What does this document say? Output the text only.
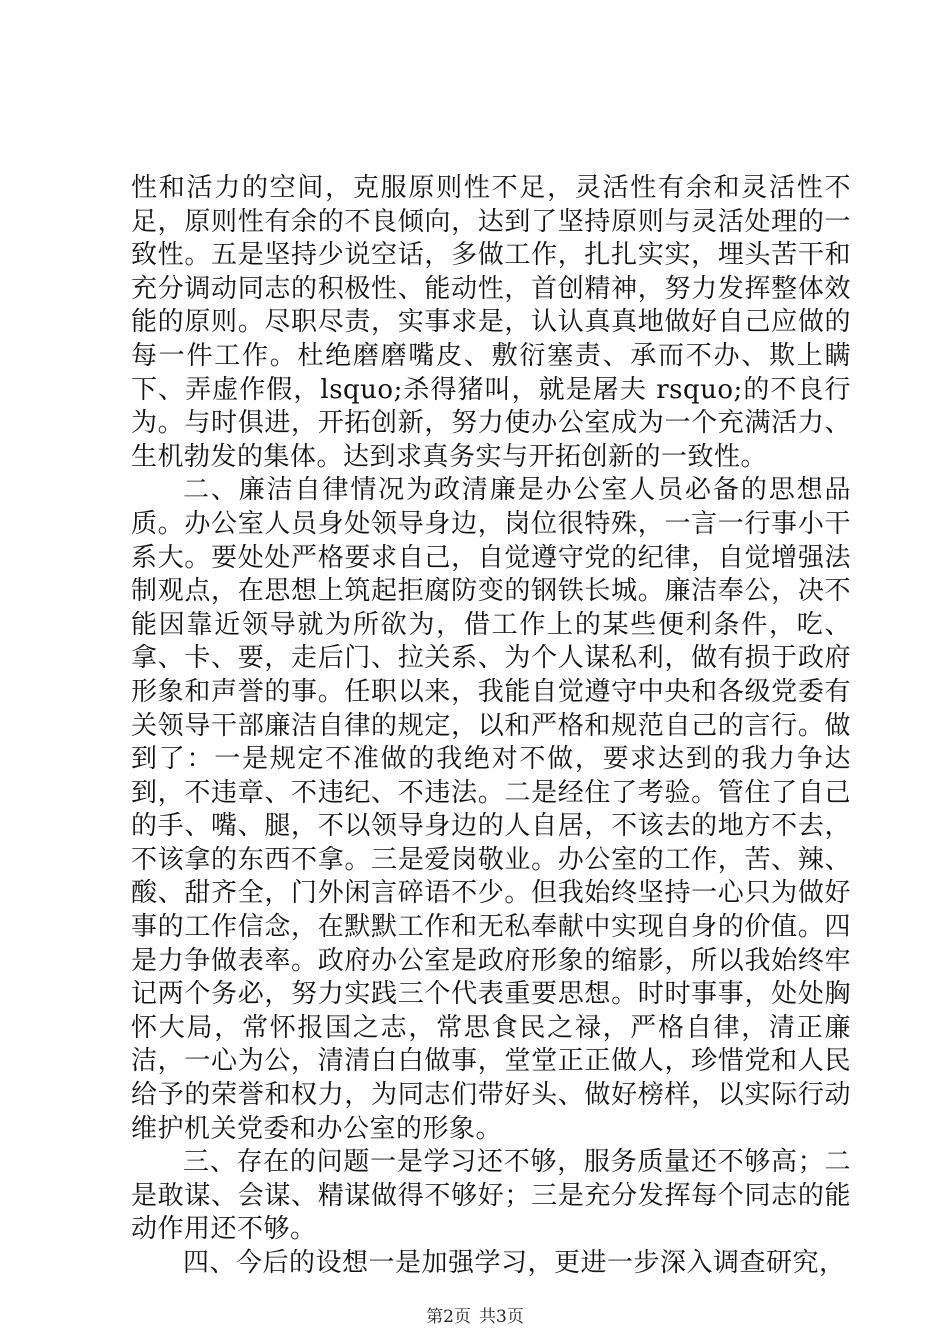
性和活力的空间，克服原则性不足，灵活性有余和灵活性不足，原则性有余的不良倾向，达到了坚持原则与灵活处理的一致性。五是坚持少说空话，多做工作，扎扎实实，埋头苦干和充分调动同志的积极性、能动性，首创精神，努力发挥整体效能的原则。尽职尽责，实事求是，认认真真地做好自己应做的每一件工作。杜绝磨磨嘴皮、敷衍塞责、承而不办、欺上瞒下、弄虚作假，lsquo;杀得猪叫，就是屠夫 rsquo;的不良行为。与时俱进，开拓创新，努力使办公室成为一个充满活力、生机勃发的集体。达到求真务实与开拓创新的一致性。

二、廉洁自律情况为政清廉是办公室人员必备的思想品质。办公室人员身处领导身边，岗位很特殊，一言一行事小干系大。要处处严格要求自己，自觉遵守党的纪律，自觉增强法制观点，在思想上筑起拒腐防变的钢铁长城。廉洁奉公，决不能因靠近领导就为所欲为，借工作上的某些便利条件，吃、拿、卡、要，走后门、拉关系、为个人谋私利，做有损于政府形象和声誉的事。任职以来，我能自觉遵守中央和各级党委有关领导干部廉洁自律的规定，以和严格和规范自己的言行。做到了：一是规定不准做的我绝对不做，要求达到的我力争达到，不违章、不违纪、不违法。二是经住了考验。管住了自己的手、嘴、腿，不以领导身边的人自居，不该去的地方不去，不该拿的东西不拿。三是爱岗敬业。办公室的工作，苦、辣、酸、甜齐全，门外闲言碎语不少。但我始终坚持一心只为做好事的工作信念，在默默工作和无私奉献中实现自身的价值。四是力争做表率。政府办公室是政府形象的缩影，所以我始终牢记两个务必，努力实践三个代表重要思想。时时事事，处处胸怀大局，常怀报国之志，常思食民之禄，严格自律，清正廉洁，一心为公，清清白白做事，堂堂正正做人，珍惜党和人民给予的荣誉和权力，为同志们带好头、做好榜样，以实际行动维护机关党委和办公室的形象。

三、存在的问题一是学习还不够，服务质量还不够高；二是敢谋、会谋、精谋做得不够好；三是充分发挥每个同志的能动作用还不够。

四、今后的设想一是加强学习，更进一步深入调查研究，

第2页 共3页
